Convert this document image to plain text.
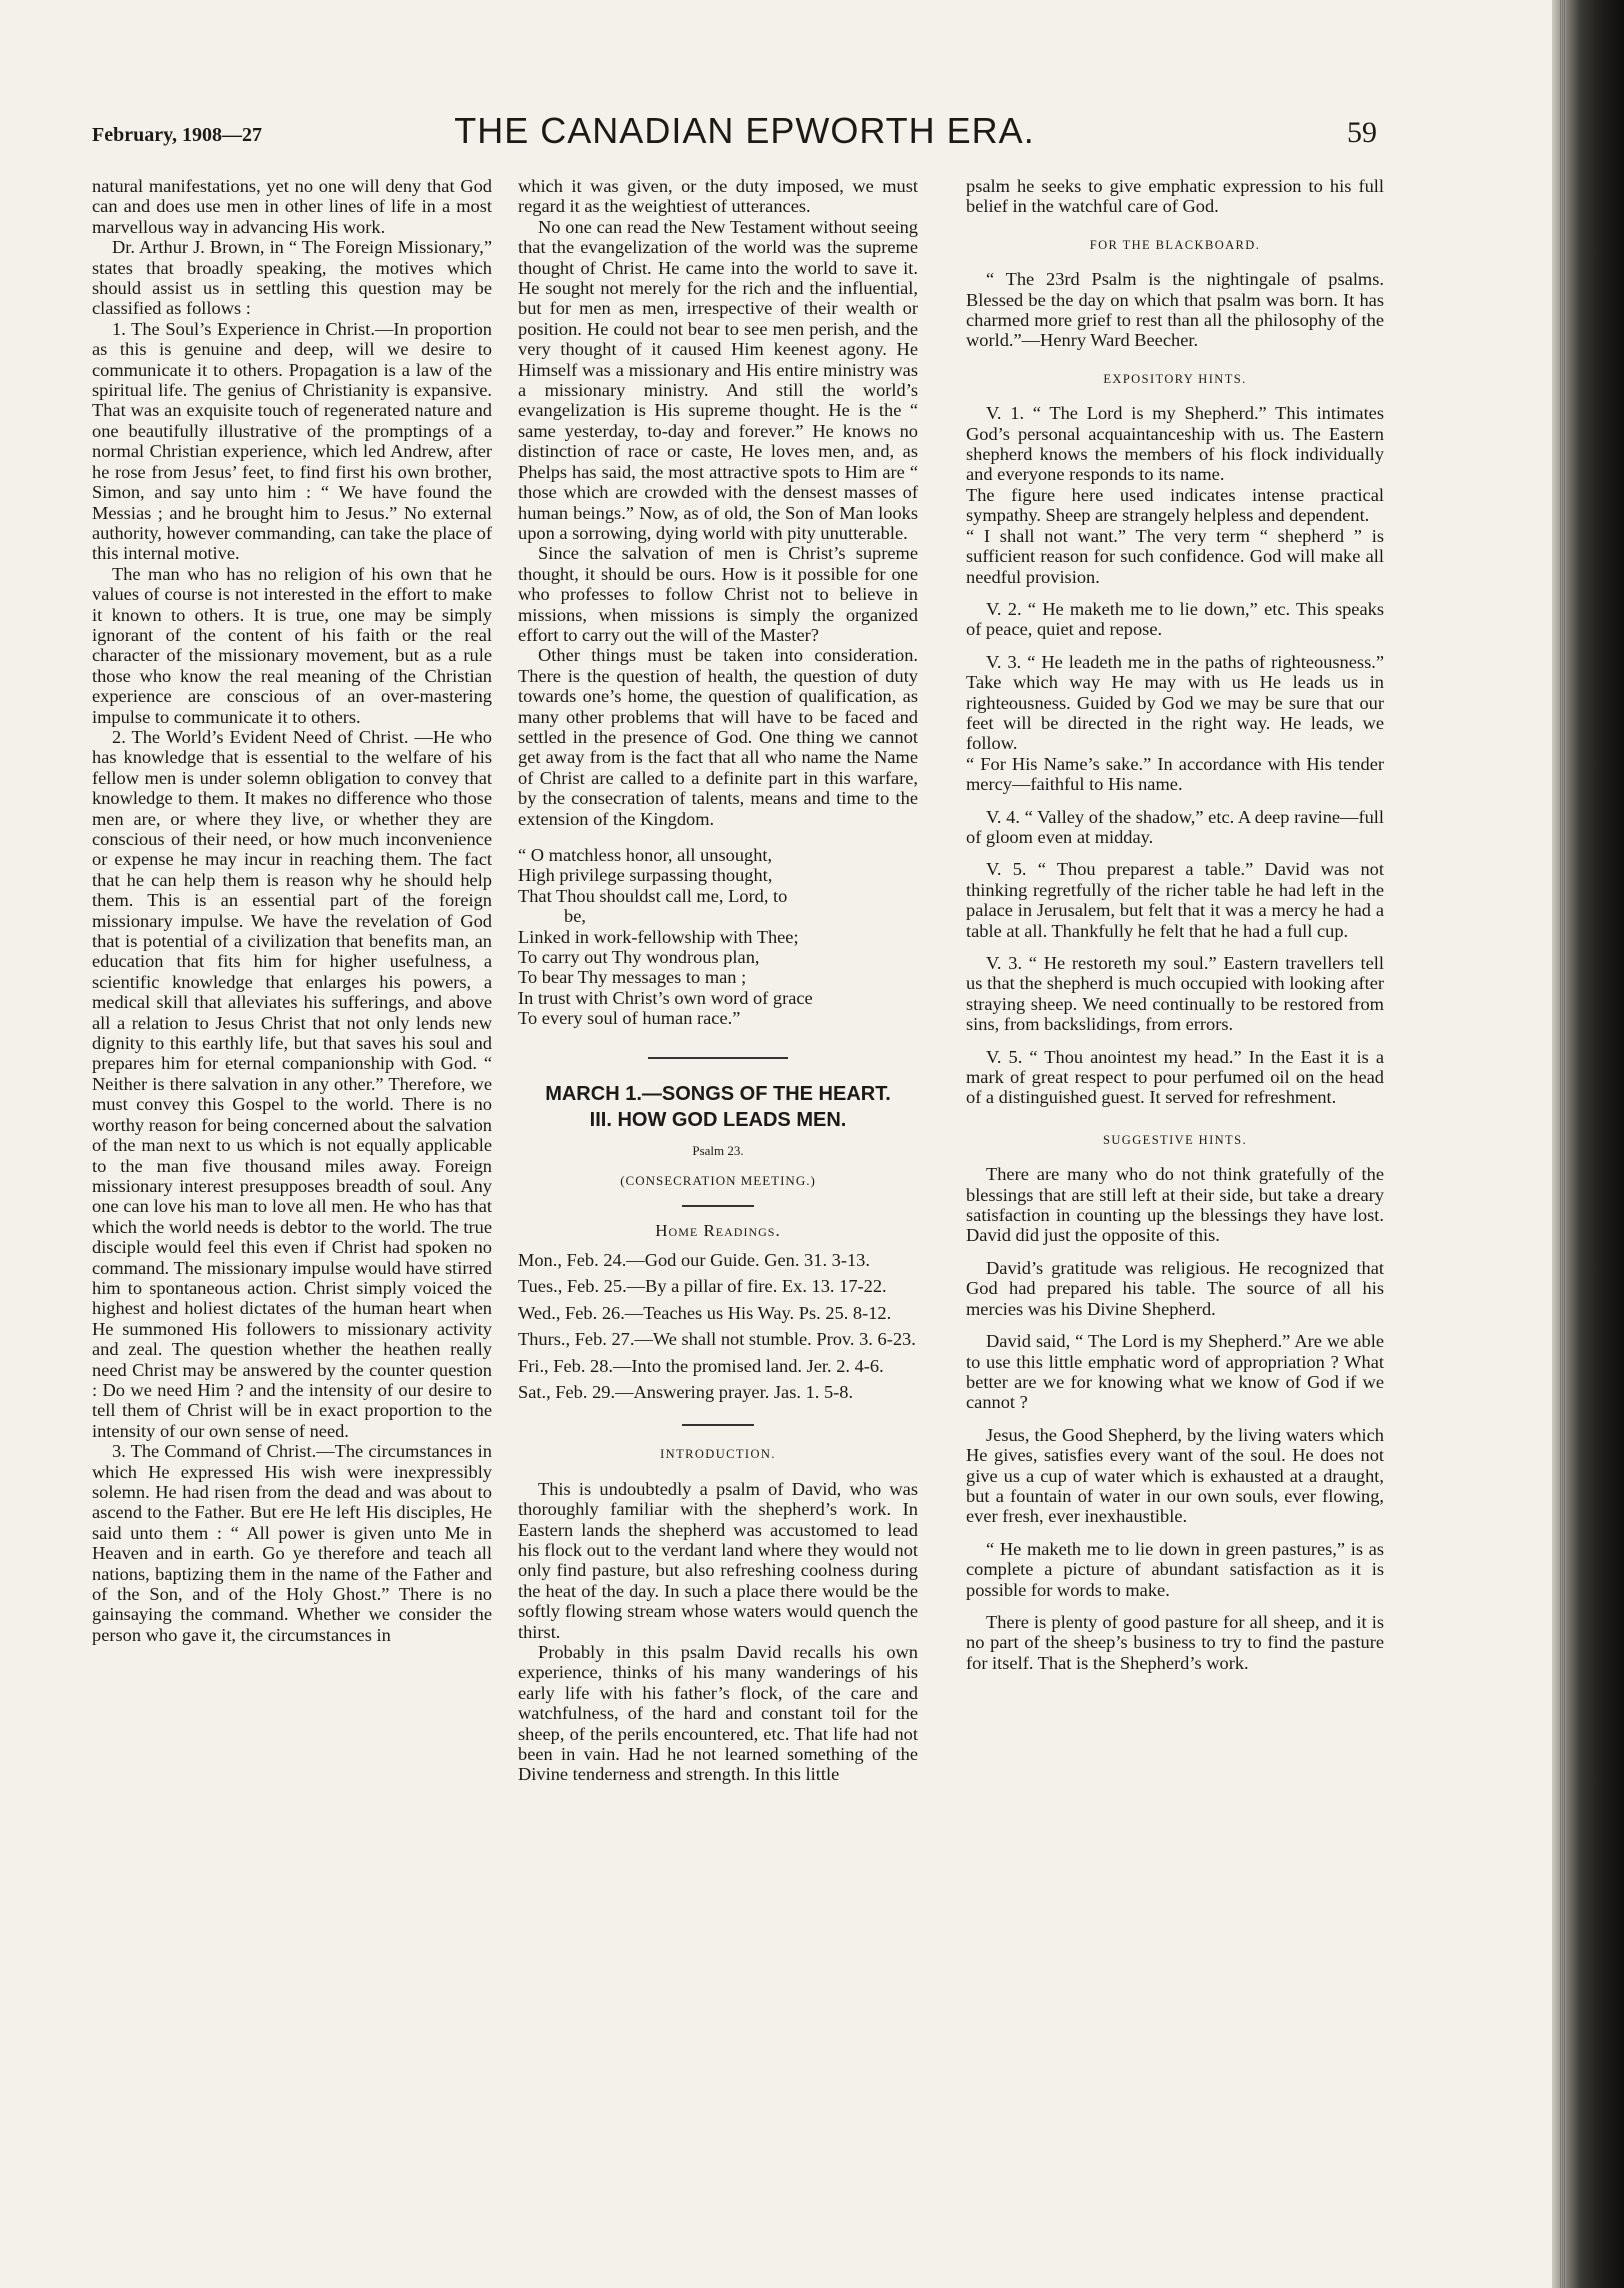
February, 1908—27	THE CANADIAN EPWORTH ERA.	59

natural manifestations, yet no one will deny that God can and does use men in other lines of life in a most marvellous way in advancing His work.

Dr. Arthur J. Brown, in “ The Foreign Missionary,” states that broadly speaking, the motives which should assist us in settling this question may be classified as follows :

1. The Soul’s Experience in Christ.—In proportion as this is genuine and deep, will we desire to communicate it to others. Propagation is a law of the spiritual life. The genius of Christianity is expansive. That was an exquisite touch of regenerated nature and one beautifully illustrative of the promptings of a normal Christian experience, which led Andrew, after he rose from Jesus’ feet, to find first his own brother, Simon, and say unto him : “ We have found the Messias ; and he brought him to Jesus.” No external authority, however commanding, can take the place of this internal motive.

The man who has no religion of his own that he values of course is not interested in the effort to make it known to others. It is true, one may be simply ignorant of the content of his faith or the real character of the missionary movement, but as a rule those who know the real meaning of the Christian experience are conscious of an over-mastering impulse to communicate it to others.

2. The World’s Evident Need of Christ. —He who has knowledge that is essential to the welfare of his fellow men is under solemn obligation to convey that knowledge to them. It makes no difference who those men are, or where they live, or whether they are conscious of their need, or how much inconvenience or expense he may incur in reaching them. The fact that he can help them is reason why he should help them. This is an essential part of the foreign missionary impulse. We have the revelation of God that is potential of a civilization that benefits man, an education that fits him for higher usefulness, a scientific knowledge that enlarges his powers, a medical skill that alleviates his sufferings, and above all a relation to Jesus Christ that not only lends new dignity to this earthly life, but that saves his soul and prepares him for eternal companionship with God. “ Neither is there salvation in any other.” Therefore, we must convey this Gospel to the world. There is no worthy reason for being concerned about the salvation of the man next to us which is not equally applicable to the man five thousand miles away. Foreign missionary interest presupposes breadth of soul. Any one can love his man to love all men. He who has that which the world needs is debtor to the world. The true disciple would feel this even if Christ had spoken no command. The missionary impulse would have stirred him to spontaneous action. Christ simply voiced the highest and holiest dictates of the human heart when He summoned His followers to missionary activity and zeal. The question whether the heathen really need Christ may be answered by the counter question : Do we need Him ? and the intensity of our desire to tell them of Christ will be in exact proportion to the intensity of our own sense of need.

3. The Command of Christ.—The circumstances in which He expressed His wish were inexpressibly solemn. He had risen from the dead and was about to ascend to the Father. But ere He left His disciples, He said unto them : “ All power is given unto Me in Heaven and in earth. Go ye therefore and teach all nations, baptizing them in the name of the Father and of the Son, and of the Holy Ghost.” There is no gainsaying the command. Whether we consider the person who gave it, the circumstances in

which it was given, or the duty imposed, we must regard it as the weightiest of utterances.

No one can read the New Testament without seeing that the evangelization of the world was the supreme thought of Christ. He came into the world to save it. He sought not merely for the rich and the influential, but for men as men, irrespective of their wealth or position. He could not bear to see men perish, and the very thought of it caused Him keenest agony. He Himself was a missionary and His entire ministry was a missionary ministry. And still the world’s evangelization is His supreme thought. He is the “ same yesterday, to-day and forever.” He knows no distinction of race or caste, He loves men, and, as Phelps has said, the most attractive spots to Him are “ those which are crowded with the densest masses of human beings.” Now, as of old, the Son of Man looks upon a sorrowing, dying world with pity unutterable.

Since the salvation of men is Christ’s supreme thought, it should be ours. How is it possible for one who professes to follow Christ not to believe in missions, when missions is simply the organized effort to carry out the will of the Master?

Other things must be taken into consideration. There is the question of health, the question of duty towards one’s home, the question of qualification, as many other problems that will have to be faced and settled in the presence of God. One thing we cannot get away from is the fact that all who name the Name of Christ are called to a definite part in this warfare, by the consecration of talents, means and time to the extension of the Kingdom.

“ O matchless honor, all unsought,
High privilege surpassing thought,
That Thou shouldst call me, Lord, to
be,
Linked in work-fellowship with Thee;
To carry out Thy wondrous plan,
To bear Thy messages to man ;
In trust with Christ’s own word of grace
To every soul of human race.”
MARCH 1.—SONGS OF THE HEART.
III. HOW GOD LEADS MEN.
Psalm 23.
(CONSECRATION MEETING.)
Home Readings.
Mon., Feb. 24.—God our Guide. Gen. 31. 3-13.
Tues., Feb. 25.—By a pillar of fire. Ex. 13. 17-22.
Wed., Feb. 26.—Teaches us His Way. Ps. 25. 8-12.
Thurs., Feb. 27.—We shall not stumble. Prov. 3. 6-23.
Fri., Feb. 28.—Into the promised land. Jer. 2. 4-6.
Sat., Feb. 29.—Answering prayer. Jas. 1. 5-8.
INTRODUCTION.

This is undoubtedly a psalm of David, who was thoroughly familiar with the shepherd’s work. In Eastern lands the shepherd was accustomed to lead his flock out to the verdant land where they would not only find pasture, but also refreshing coolness during the heat of the day. In such a place there would be the softly flowing stream whose waters would quench the thirst.

Probably in this psalm David recalls his own experience, thinks of his many wanderings of his early life with his father’s flock, of the care and watchfulness, of the hard and constant toil for the sheep, of the perils encountered, etc. That life had not been in vain. Had he not learned something of the Divine tenderness and strength. In this little

psalm he seeks to give emphatic expression to his full belief in the watchful care of God.

FOR THE BLACKBOARD.

“ The 23rd Psalm is the nightingale of psalms. Blessed be the day on which that psalm was born. It has charmed more grief to rest than all the philosophy of the world.”—Henry Ward Beecher.

EXPOSITORY HINTS.

V. 1. “ The Lord is my Shepherd.” This intimates God’s personal acquaintanceship with us. The Eastern shepherd knows the members of his flock individually and everyone responds to its name.

The figure here used indicates intense practical sympathy. Sheep are strangely helpless and dependent.

“ I shall not want.” The very term “ shepherd ” is sufficient reason for such confidence. God will make all needful provision.

V. 2. “ He maketh me to lie down,” etc. This speaks of peace, quiet and repose.

V. 3. “ He leadeth me in the paths of righteousness.” Take which way He may with us He leads us in righteousness. Guided by God we may be sure that our feet will be directed in the right way. He leads, we follow.

“ For His Name’s sake.” In accordance with His tender mercy—faithful to His name.

V. 4. “ Valley of the shadow,” etc. A deep ravine—full of gloom even at midday.

V. 5. “ Thou preparest a table.” David was not thinking regretfully of the richer table he had left in the palace in Jerusalem, but felt that it was a mercy he had a table at all. Thankfully he felt that he had a full cup.

V. 3. “ He restoreth my soul.” Eastern travellers tell us that the shepherd is much occupied with looking after straying sheep. We need continually to be restored from sins, from backslidings, from errors.

V. 5. “ Thou anointest my head.” In the East it is a mark of great respect to pour perfumed oil on the head of a distinguished guest. It served for refreshment.

SUGGESTIVE HINTS.

There are many who do not think gratefully of the blessings that are still left at their side, but take a dreary satisfaction in counting up the blessings they have lost. David did just the opposite of this.

David’s gratitude was religious. He recognized that God had prepared his table. The source of all his mercies was his Divine Shepherd.

David said, “ The Lord is my Shepherd.” Are we able to use this little emphatic word of appropriation ? What better are we for knowing what we know of God if we cannot ?

Jesus, the Good Shepherd, by the living waters which He gives, satisfies every want of the soul. He does not give us a cup of water which is exhausted at a draught, but a fountain of water in our own souls, ever flowing, ever fresh, ever inexhaustible.

“ He maketh me to lie down in green pastures,” is as complete a picture of abundant satisfaction as it is possible for words to make.

There is plenty of good pasture for all sheep, and it is no part of the sheep’s business to try to find the pasture for itself. That is the Shepherd’s work.
